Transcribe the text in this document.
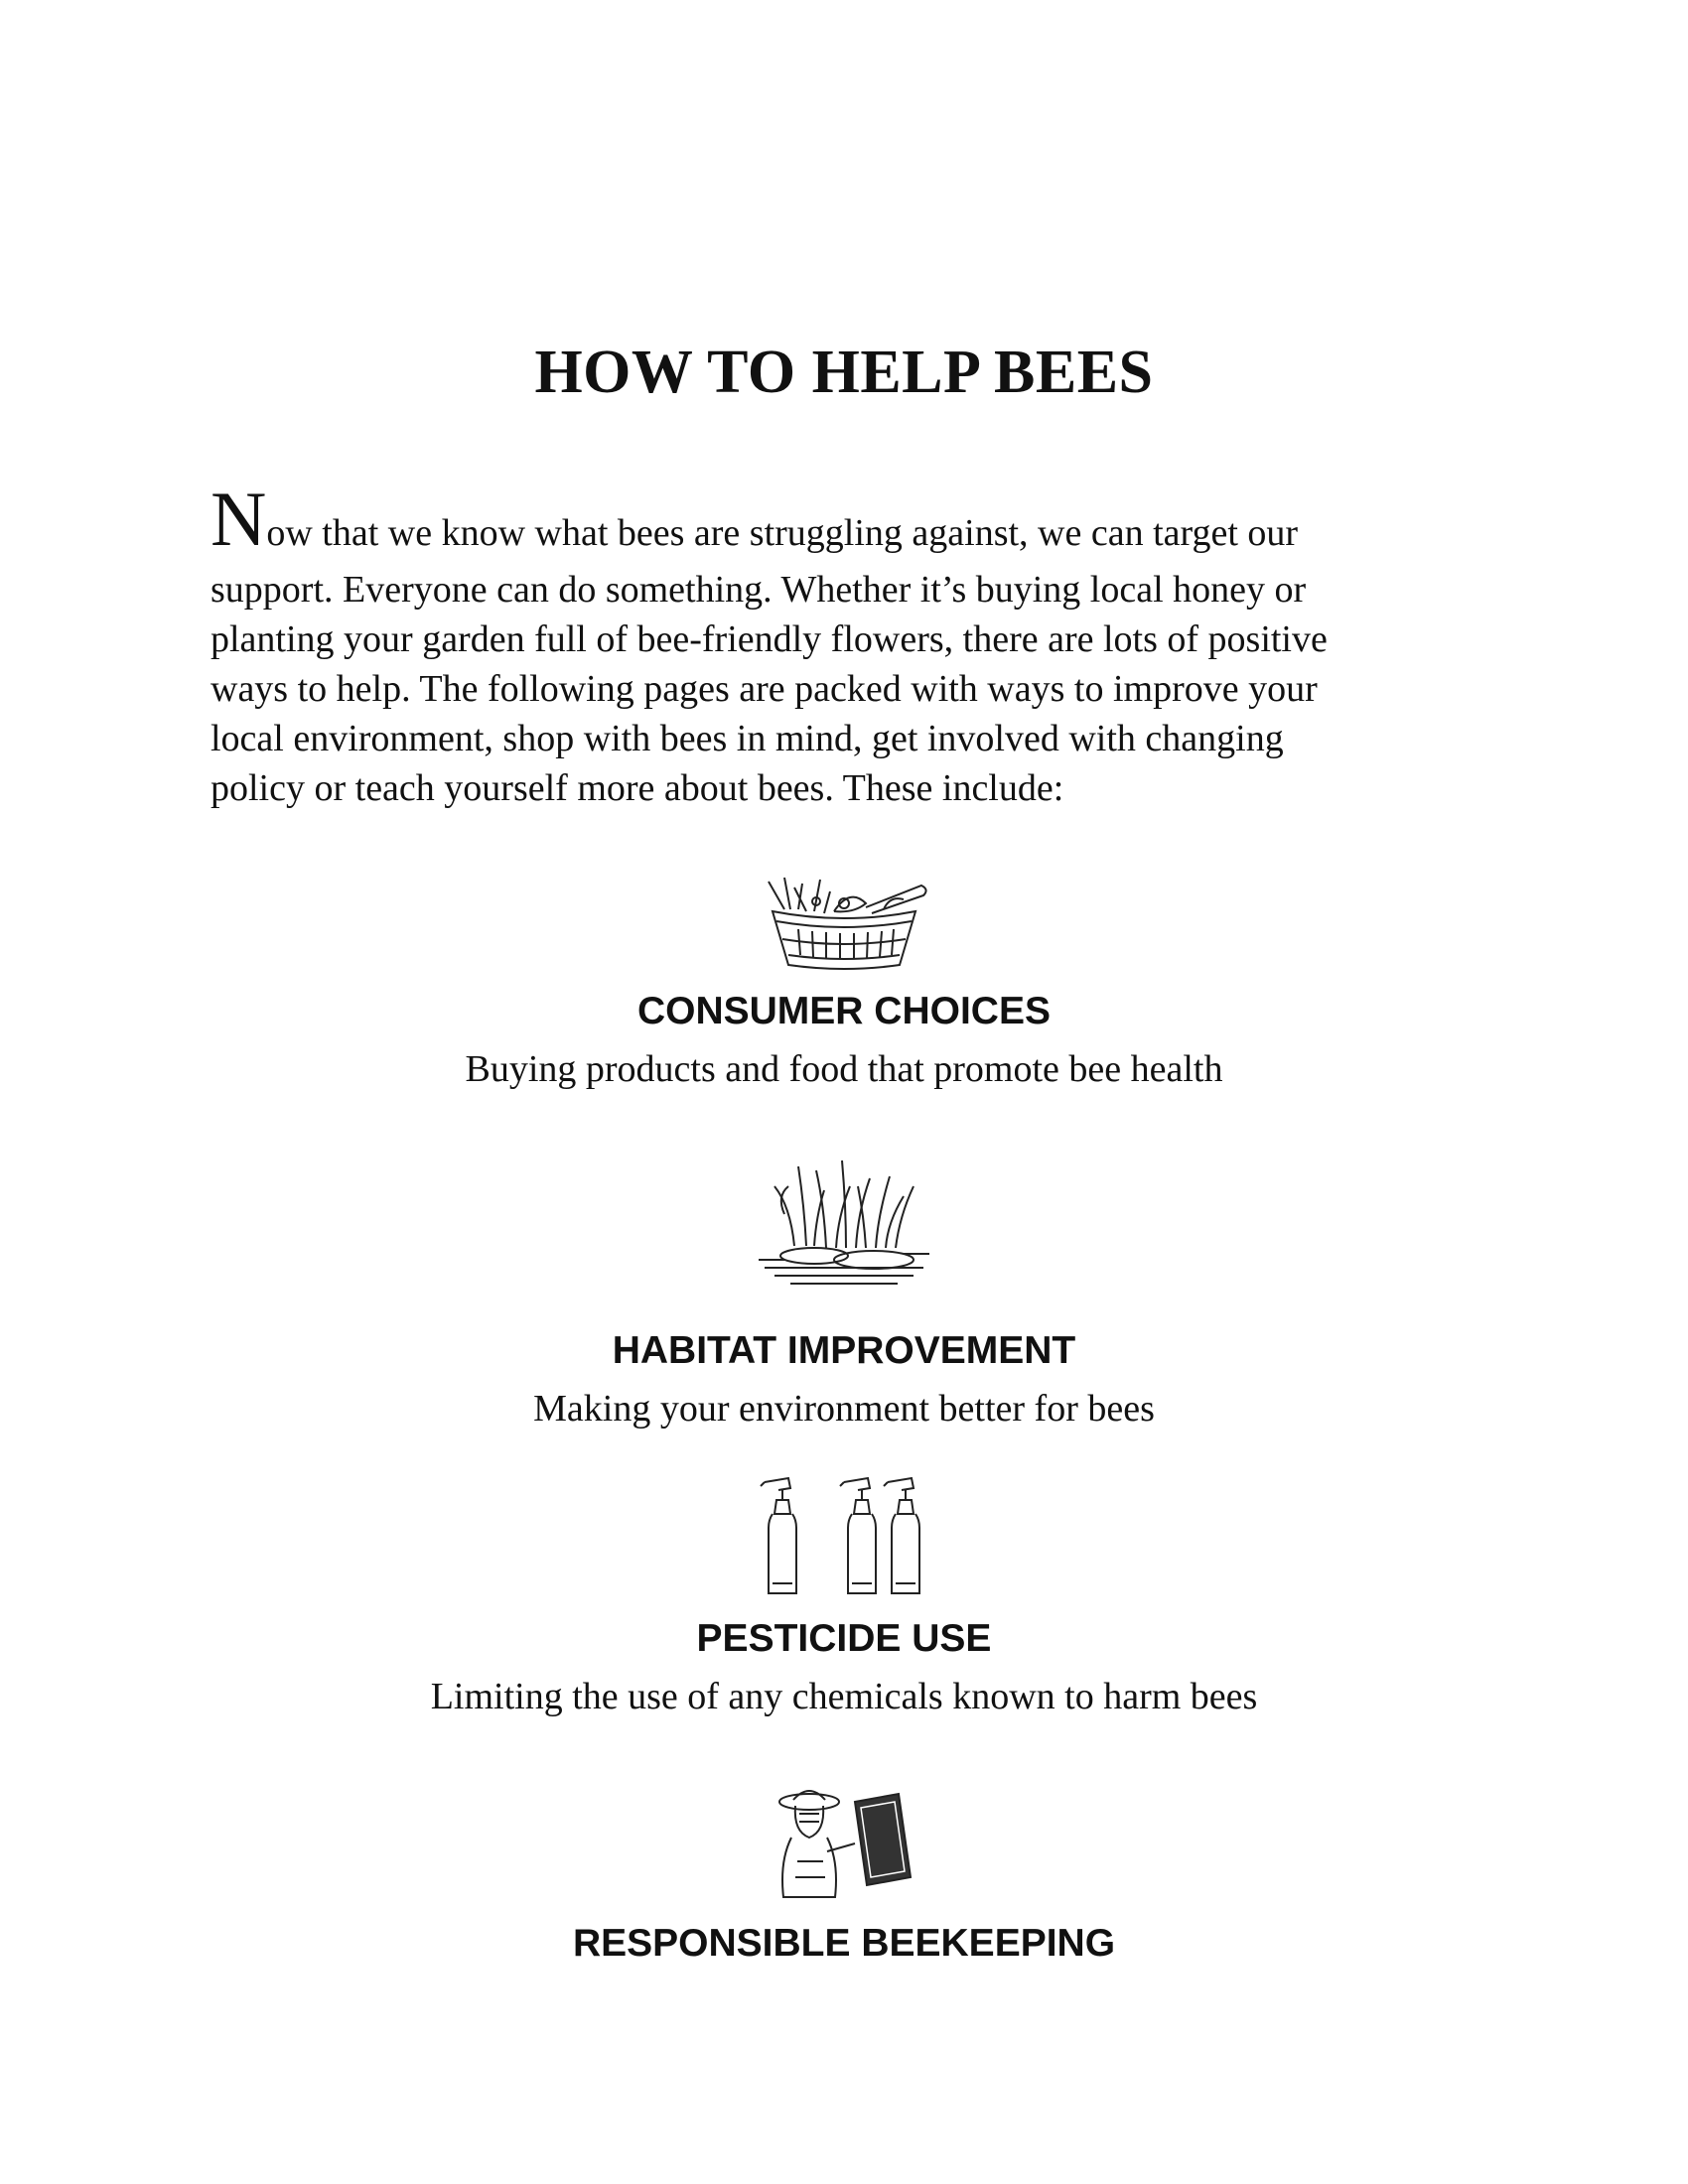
HOW TO HELP BEES
Now that we know what bees are struggling against, we can target our
support. Everyone can do something. Whether it’s buying local honey or
planting your garden full of bee-friendly flowers, there are lots of positive
ways to help. The following pages are packed with ways to improve your
local environment, shop with bees in mind, get involved with changing
policy or teach yourself more about bees. These include:
CONSUMER CHOICES
Buying products and food that promote bee health
HABITAT IMPROVEMENT
Making your environment better for bees
PESTICIDE USE
Limiting the use of any chemicals known to harm bees
RESPONSIBLE BEEKEEPING
